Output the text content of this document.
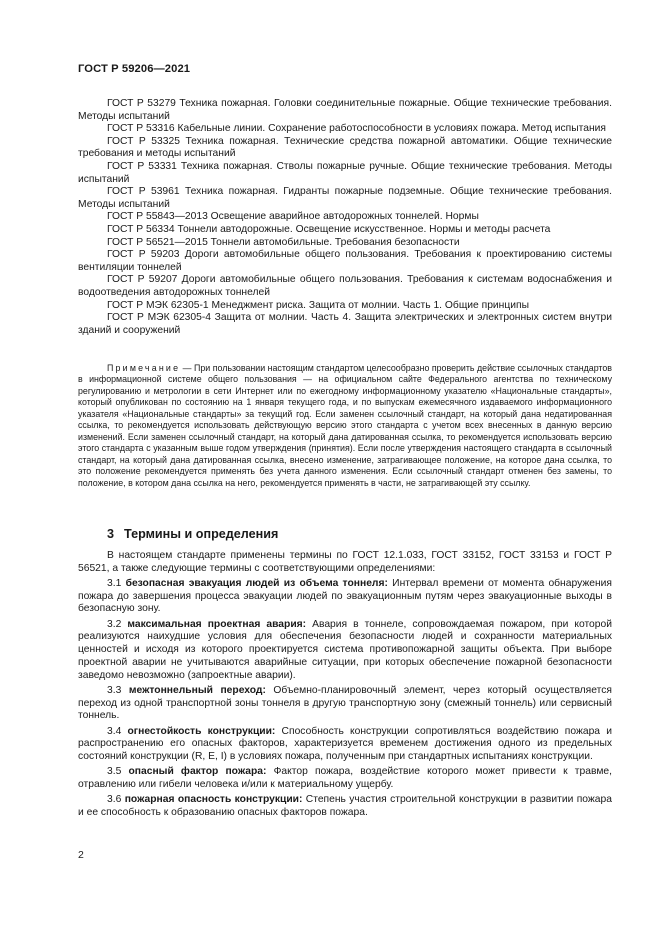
ГОСТ Р 59206—2021

ГОСТ Р 53279 Техника пожарная. Головки соединительные пожарные. Общие технические требования. Методы испытаний

ГОСТ Р 53316 Кабельные линии. Сохранение работоспособности в условиях пожара. Метод испытания

ГОСТ Р 53325 Техника пожарная. Технические средства пожарной автоматики. Общие технические требования и методы испытаний

ГОСТ Р 53331 Техника пожарная. Стволы пожарные ручные. Общие технические требования. Методы испытаний

ГОСТ Р 53961 Техника пожарная. Гидранты пожарные подземные. Общие технические требования. Методы испытаний

ГОСТ Р 55843—2013 Освещение аварийное автодорожных тоннелей. Нормы

ГОСТ Р 56334 Тоннели автодорожные. Освещение искусственное. Нормы и методы расчета

ГОСТ Р 56521—2015 Тоннели автомобильные. Требования безопасности

ГОСТ Р 59203 Дороги автомобильные общего пользования. Требования к проектированию системы вентиляции тоннелей

ГОСТ Р 59207 Дороги автомобильные общего пользования. Требования к системам водоснабжения и водоотведения автодорожных тоннелей

ГОСТ Р МЭК 62305-1 Менеджмент риска. Защита от молнии. Часть 1. Общие принципы

ГОСТ Р МЭК 62305-4 Защита от молнии. Часть 4. Защита электрических и электронных систем внутри зданий и сооружений

Примечание — При пользовании настоящим стандартом целесообразно проверить действие ссылочных стандартов в информационной системе общего пользования — на официальном сайте Федерального агентства по техническому регулированию и метрологии в сети Интернет или по ежегодному информационному указателю «Национальные стандарты», который опубликован по состоянию на 1 января текущего года, и по выпускам ежемесячного издаваемого информационного указателя «Национальные стандарты» за текущий год. Если заменен ссылочный стандарт, на который дана недатированная ссылка, то рекомендуется использовать действующую версию этого стандарта с учетом всех внесенных в данную версию изменений. Если заменен ссылочный стандарт, на который дана датированная ссылка, то рекомендуется использовать версию этого стандарта с указанным выше годом утверждения (принятия). Если после утверждения настоящего стандарта в ссылочный стандарт, на который дана датированная ссылка, внесено изменение, затрагивающее положение, на которое дана ссылка, то это положение рекомендуется применять без учета данного изменения. Если ссылочный стандарт отменен без замены, то положение, в котором дана ссылка на него, рекомендуется применять в части, не затрагивающей эту ссылку.

3 Термины и определения

В настоящем стандарте применены термины по ГОСТ 12.1.033, ГОСТ 33152, ГОСТ 33153 и ГОСТ Р 56521, а также следующие термины с соответствующими определениями:

3.1 безопасная эвакуация людей из объема тоннеля: Интервал времени от момента обнаружения пожара до завершения процесса эвакуации людей по эвакуационным путям через эвакуационные выходы в безопасную зону.

3.2 максимальная проектная авария: Авария в тоннеле, сопровождаемая пожаром, при которой реализуются наихудшие условия для обеспечения безопасности людей и сохранности материальных ценностей и исходя из которого проектируется система противопожарной защиты объекта. При выборе проектной аварии не учитываются аварийные ситуации, при которых обеспечение пожарной безопасности заведомо невозможно (запроектные аварии).

3.3 межтоннельный переход: Объемно-планировочный элемент, через который осуществляется переход из одной транспортной зоны тоннеля в другую транспортную зону (смежный тоннель) или сервисный тоннель.

3.4 огнестойкость конструкции: Способность конструкции сопротивляться воздействию пожара и распространению его опасных факторов, характеризуется временем достижения одного из предельных состояний конструкции (R, E, I) в условиях пожара, полученным при стандартных испытаниях конструкции.

3.5 опасный фактор пожара: Фактор пожара, воздействие которого может привести к травме, отравлению или гибели человека и/или к материальному ущербу.

3.6 пожарная опасность конструкции: Степень участия строительной конструкции в развитии пожара и ее способность к образованию опасных факторов пожара.

2
